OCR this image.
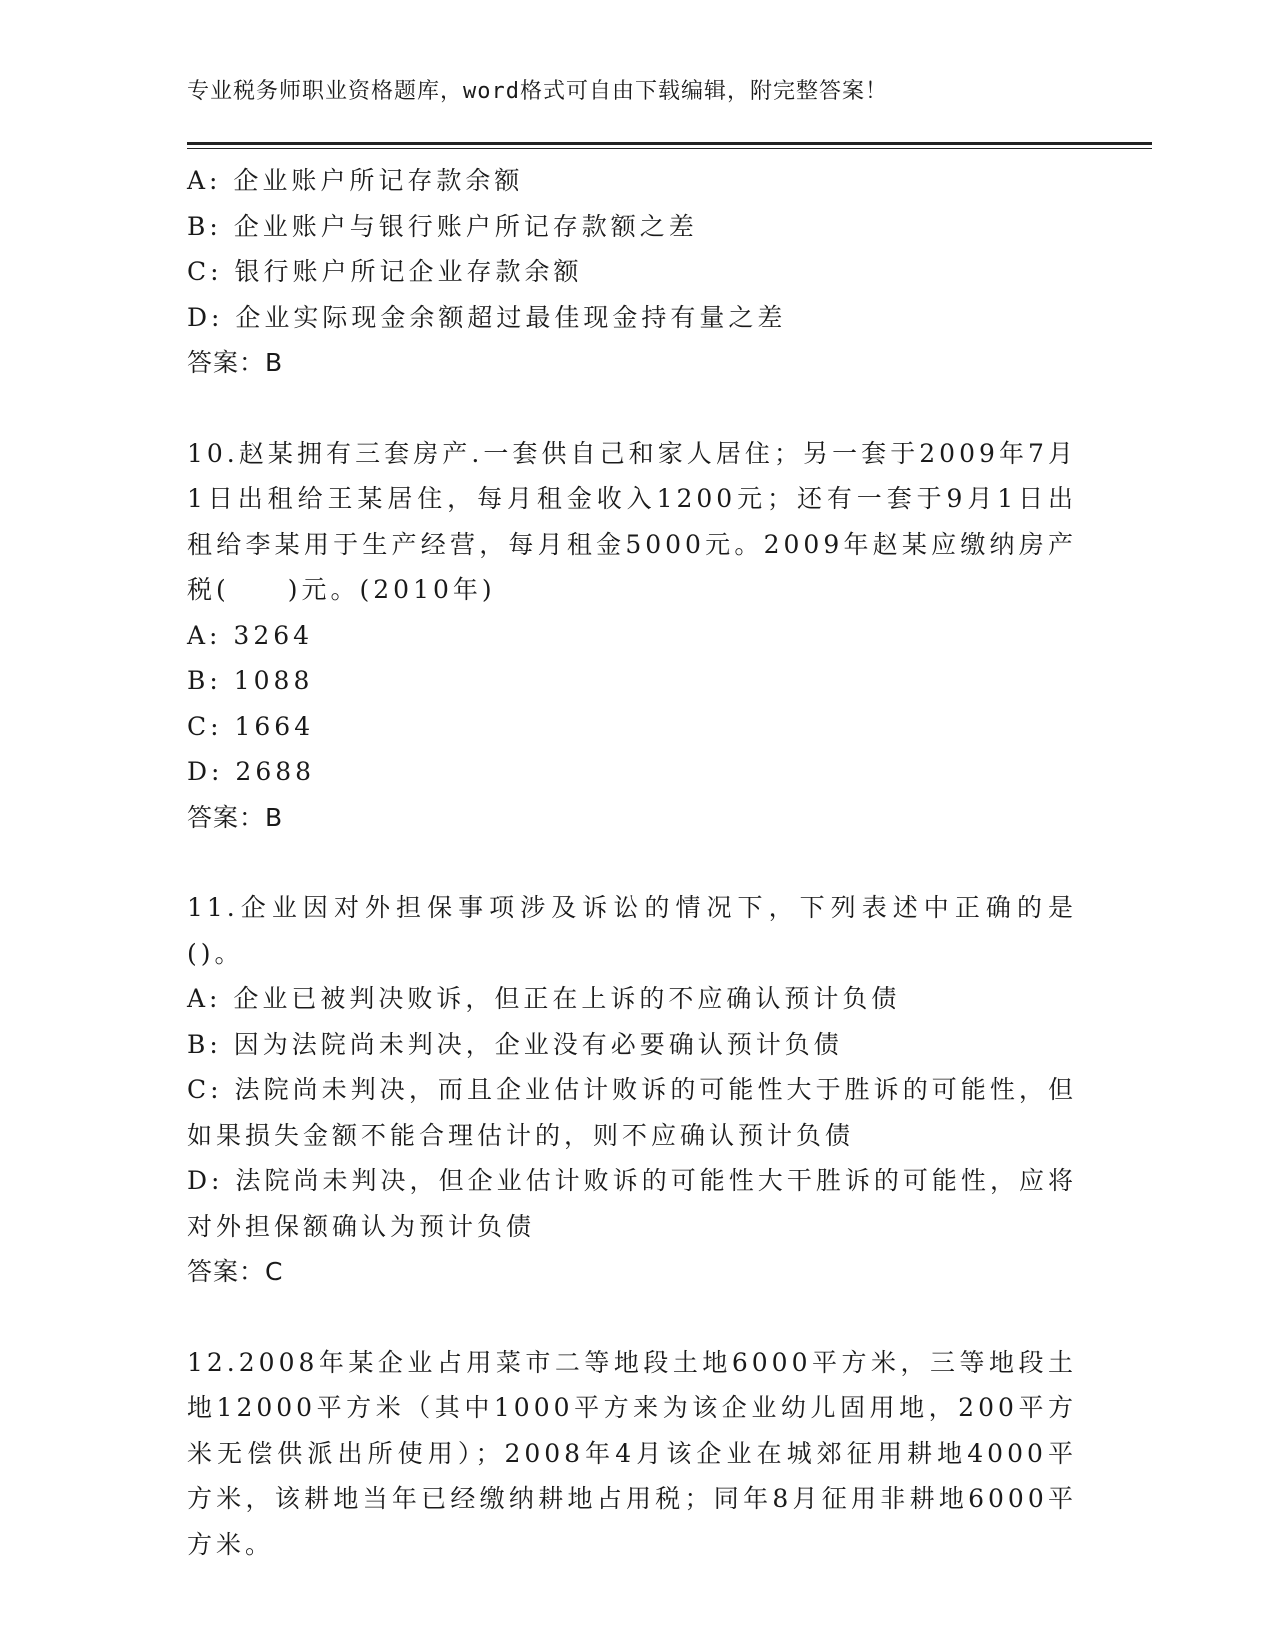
专业税务师职业资格题库，word格式可自由下载编辑，附完整答案！

A: 企业账户所记存款余额

B: 企业账户与银行账户所记存款额之差

C: 银行账户所记企业存款余额

D: 企业实际现金余额超过最佳现金持有量之差

答案：B

10.赵某拥有三套房产.一套供自己和家人居住；另一套于2009年7月1日出租给王某居住，每月租金收入1200元；还有一套于9月1日出租给李某用于生产经营，每月租金5000元。2009年赵某应缴纳房产税(　　)元。(2010年)

A: 3264

B: 1088

C: 1664

D: 2688

答案：B

11.企业因对外担保事项涉及诉讼的情况下，下列表述中正确的是()。

A: 企业已被判决败诉，但正在上诉的不应确认预计负债

B: 因为法院尚未判决，企业没有必要确认预计负债

C: 法院尚未判决，而且企业估计败诉的可能性大于胜诉的可能性，但如果损失金额不能合理估计的，则不应确认预计负债

D: 法院尚未判决，但企业估计败诉的可能性大干胜诉的可能性，应将对外担保额确认为预计负债

答案：C

12.2008年某企业占用菜市二等地段土地6000平方米，三等地段土地12000平方米（其中1000平方来为该企业幼儿固用地，200平方米无偿供派出所使用）；2008年4月该企业在城郊征用耕地4000平方米，该耕地当年已经缴纳耕地占用税；同年8月征用非耕地6000平方米。
